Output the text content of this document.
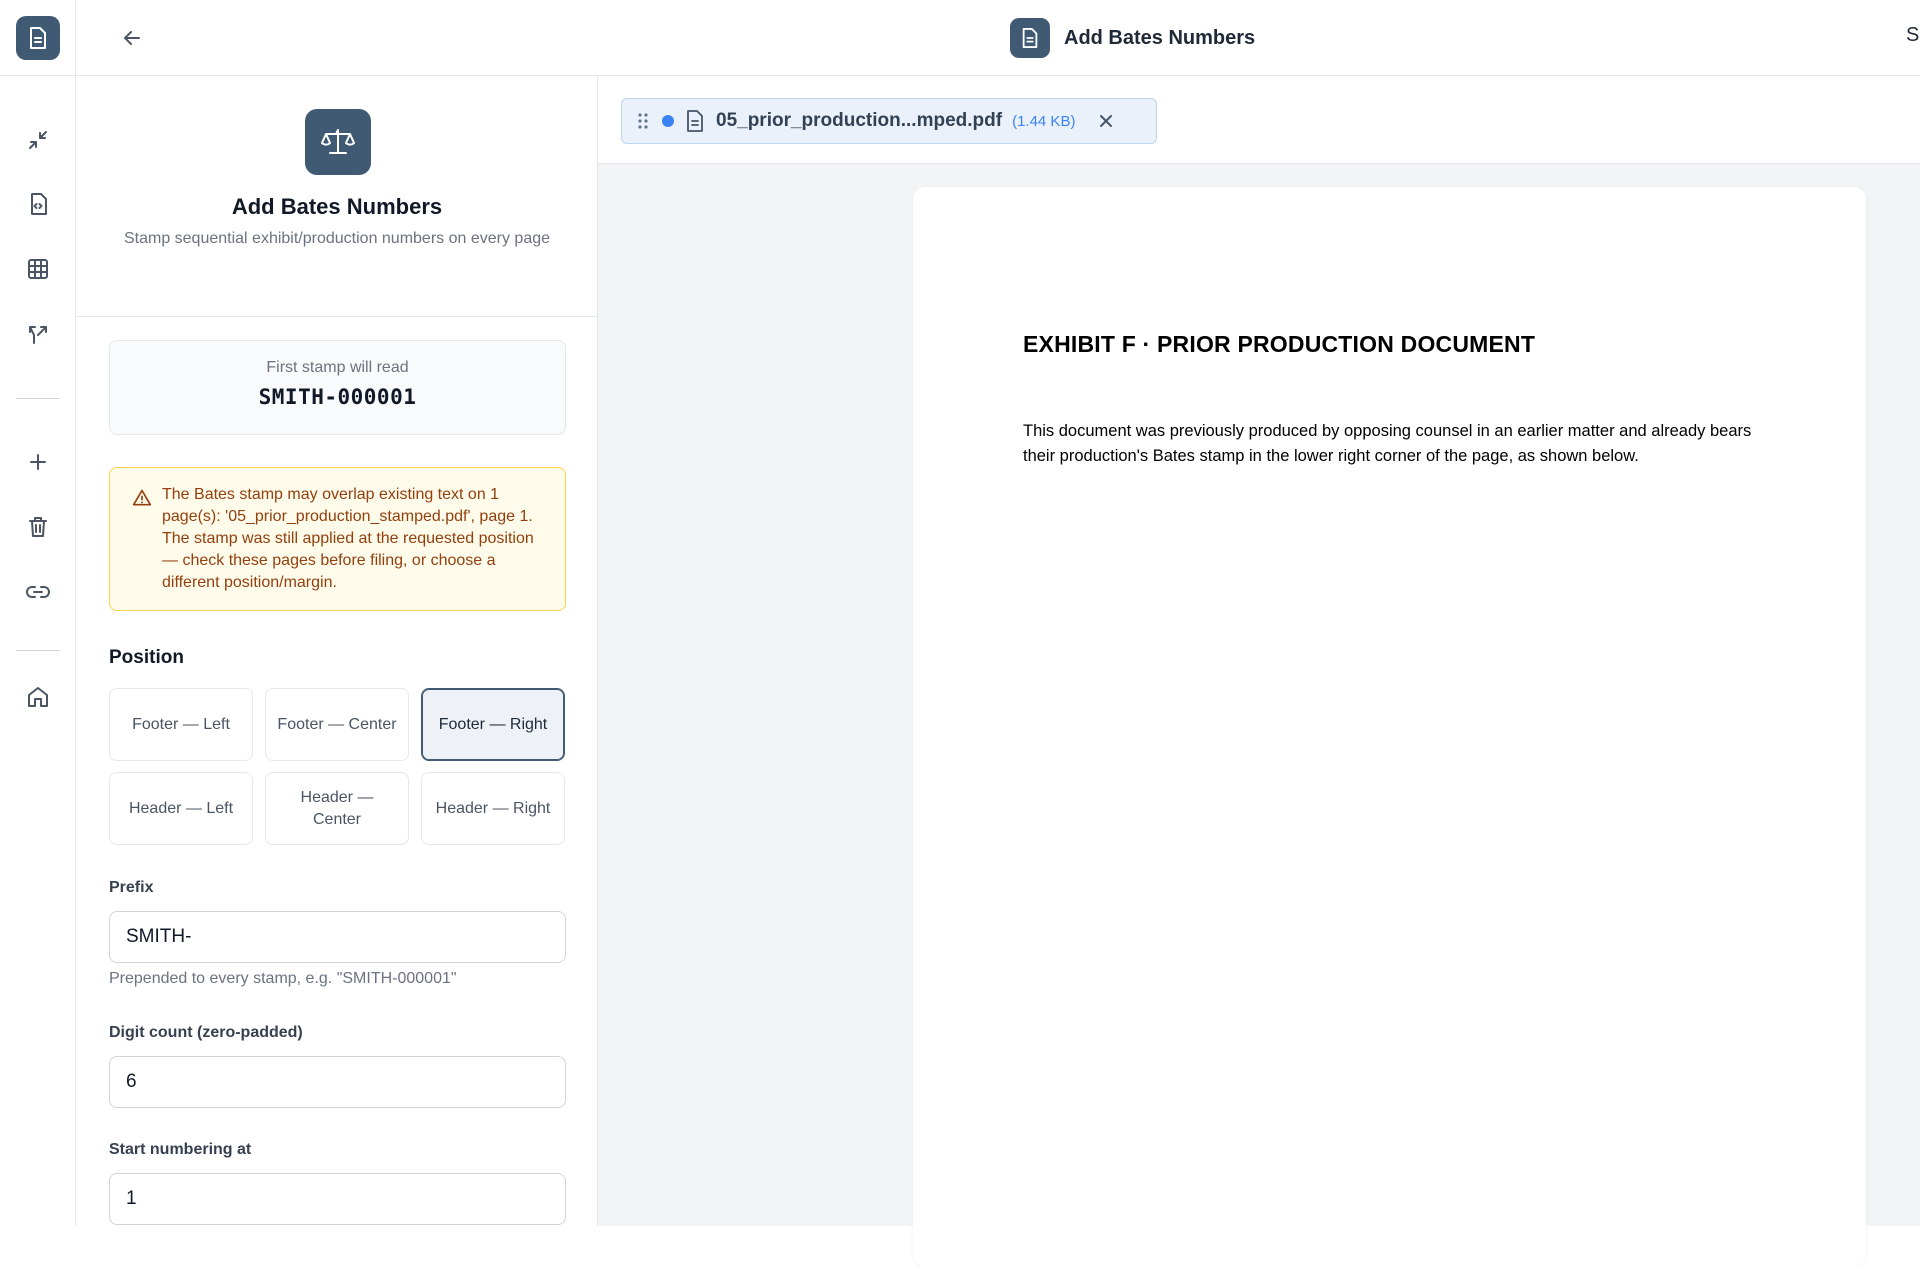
Add Bates Numbers	S
Add Bates Numbers
Stamp sequential exhibit/production numbers on every page
First stamp will read
SMITH-000001
The Bates stamp may overlap existing text on 1 page(s): '05_prior_production_stamped.pdf', page 1. The stamp was still applied at the requested position — check these pages before filing, or choose a different position/margin.
Position
Footer — Left	Footer — Center	Footer — Right
Header — Left
Header — Center
Header — Right
Prefix
SMITH-
Prepended to every stamp, e.g. "SMITH-000001"
Digit count (zero-padded)
6
Start numbering at
1
05_prior_production...mped.pdf (1.44 KB)
EXHIBIT F · PRIOR PRODUCTION DOCUMENT
This document was previously produced by opposing counsel in an earlier matter and already bears their production's Bates stamp in the lower right corner of the page, as shown below.
